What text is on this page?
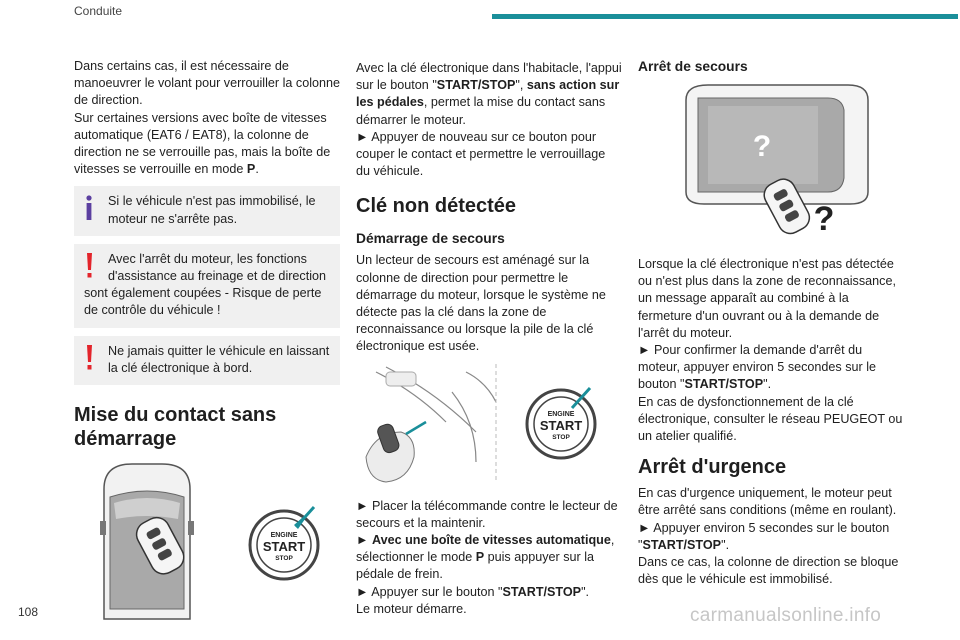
Conduite

Dans certains cas, il est nécessaire de manoeuvrer le volant pour verrouiller la colonne de direction.

Sur certaines versions avec boîte de vitesses automatique (EAT6 / EAT8), la colonne de direction ne se verrouille pas, mais la boîte de vitesses se verrouille en mode P.

Si le véhicule n'est pas immobilisé, le moteur ne s'arrête pas.
Avec l'arrêt du moteur, les fonctions d'assistance au freinage et de direction
sont également coupées - Risque de perte de contrôle du véhicule !
Ne jamais quitter le véhicule en laissant la clé électronique à bord.
Mise du contact sans démarrage
ENGINE
START
STOP

Avec la clé électronique dans l'habitacle, l'appui sur le bouton "START/STOP", sans action sur les pédales, permet la mise du contact sans démarrer le moteur.

► Appuyer de nouveau sur ce bouton pour couper le contact et permettre le verrouillage du véhicule.

Clé non détectée
Démarrage de secours

Un lecteur de secours est aménagé sur la colonne de direction pour permettre le démarrage du moteur, lorsque le système ne détecte pas la clé dans la zone de reconnaissance ou lorsque la pile de la clé électronique est usée.

ENGINE
START
STOP

► Placer la télécommande contre le lecteur de secours et la maintenir.

► Avec une boîte de vitesses automatique, sélectionner le mode P puis appuyer sur la pédale de frein.

► Appuyer sur le bouton "START/STOP".

Le moteur démarre.

Arrêt de secours
?
?

Lorsque la clé électronique n'est pas détectée ou n'est plus dans la zone de reconnaissance, un message apparaît au combiné à la fermeture d'un ouvrant ou à la demande de l'arrêt du moteur.

► Pour confirmer la demande d'arrêt du moteur, appuyer environ 5 secondes sur le bouton "START/STOP".

En cas de dysfonctionnement de la clé électronique, consulter le réseau PEUGEOT ou un atelier qualifié.

Arrêt d'urgence

En cas d'urgence uniquement, le moteur peut être arrêté sans conditions (même en roulant).

► Appuyer environ 5 secondes sur le bouton "START/STOP".

Dans ce cas, la colonne de direction se bloque dès que le véhicule est immobilisé.

108	carmanualsonline.info
